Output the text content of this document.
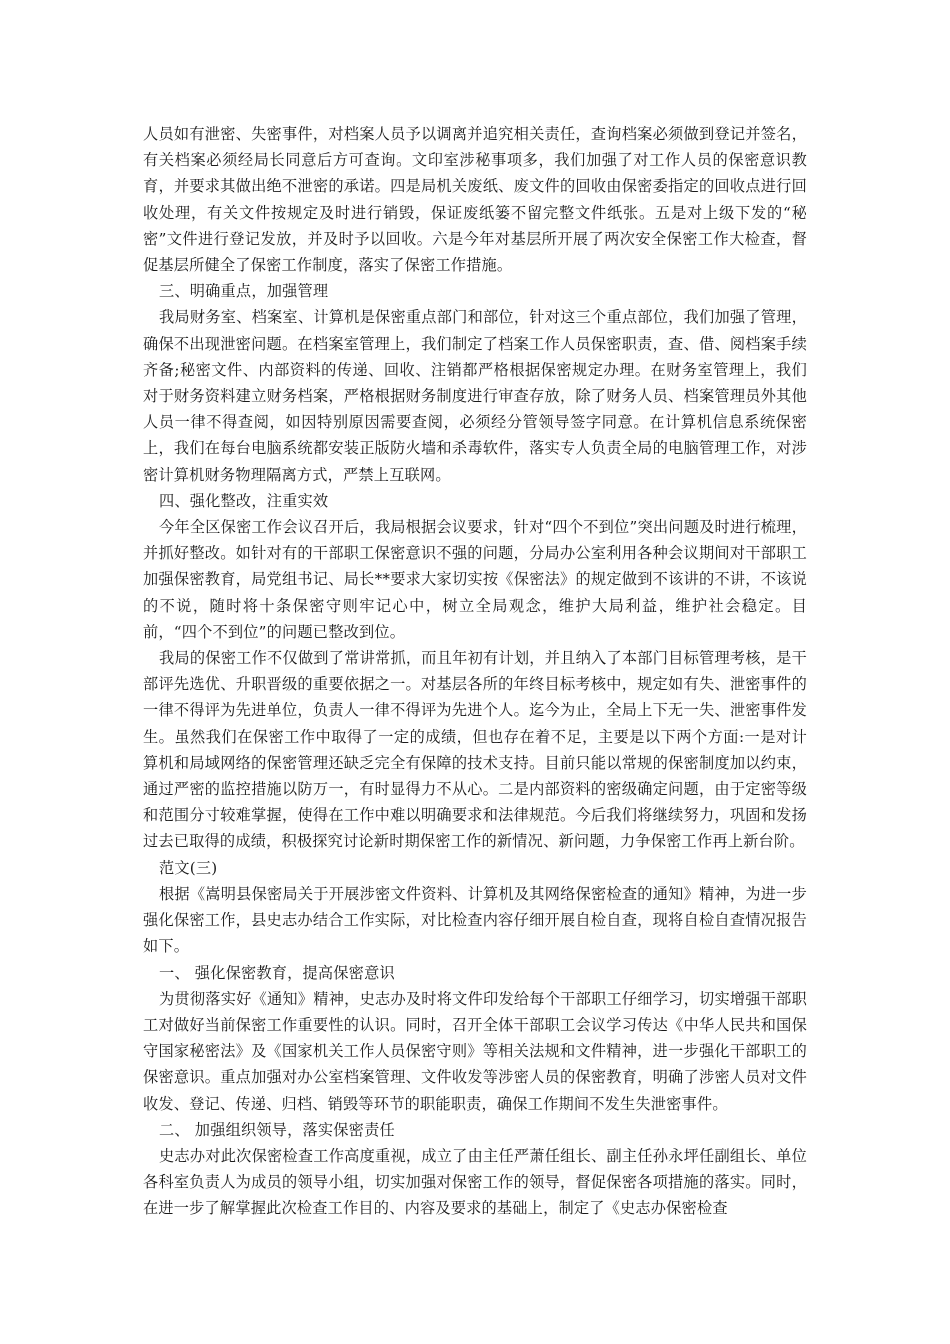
人员如有泄密、失密事件，对档案人员予以调离并追究相关责任，查询档案必须做到登记并签名，有关档案必须经局长同意后方可查询。文印室涉秘事项多，我们加强了对工作人员的保密意识教育，并要求其做出绝不泄密的承诺。四是局机关废纸、废文件的回收由保密委指定的回收点进行回收处理，有关文件按规定及时进行销毁，保证废纸篓不留完整文件纸张。五是对上级下发的“秘密”文件进行登记发放，并及时予以回收。六是今年对基层所开展了两次安全保密工作大检查，督促基层所健全了保密工作制度，落实了保密工作措施。

三、明确重点，加强管理

我局财务室、档案室、计算机是保密重点部门和部位，针对这三个重点部位，我们加强了管理，确保不出现泄密问题。在档案室管理上，我们制定了档案工作人员保密职责，查、借、阅档案手续齐备;秘密文件、内部资料的传递、回收、注销都严格根据保密规定办理。在财务室管理上，我们对于财务资料建立财务档案，严格根据财务制度进行审查存放，除了财务人员、档案管理员外其他人员一律不得查阅，如因特别原因需要查阅，必须经分管领导签字同意。在计算机信息系统保密上，我们在每台电脑系统都安装正版防火墙和杀毒软件，落实专人负责全局的电脑管理工作，对涉密计算机财务物理隔离方式，严禁上互联网。

四、强化整改，注重实效

今年全区保密工作会议召开后，我局根据会议要求，针对“四个不到位”突出问题及时进行梳理，并抓好整改。如针对有的干部职工保密意识不强的问题，分局办公室利用各种会议期间对干部职工加强保密教育，局党组书记、局长**要求大家切实按《保密法》的规定做到不该讲的不讲，不该说的不说，随时将十条保密守则牢记心中，树立全局观念，维护大局利益，维护社会稳定。目前，“四个不到位”的问题已整改到位。

我局的保密工作不仅做到了常讲常抓，而且年初有计划，并且纳入了本部门目标管理考核，是干部评先选优、升职晋级的重要依据之一。对基层各所的年终目标考核中，规定如有失、泄密事件的一律不得评为先进单位，负责人一律不得评为先进个人。迄今为止，全局上下无一失、泄密事件发生。虽然我们在保密工作中取得了一定的成绩，但也存在着不足，主要是以下两个方面:一是对计算机和局域网络的保密管理还缺乏完全有保障的技术支持。目前只能以常规的保密制度加以约束，通过严密的监控措施以防万一，有时显得力不从心。二是内部资料的密级确定问题，由于定密等级和范围分寸较难掌握，使得在工作中难以明确要求和法律规范。今后我们将继续努力，巩固和发扬过去已取得的成绩，积极探究讨论新时期保密工作的新情况、新问题，力争保密工作再上新台阶。

范文(三)

根据《嵩明县保密局关于开展涉密文件资料、计算机及其网络保密检查的通知》精神，为进一步强化保密工作，县史志办结合工作实际，对比检查内容仔细开展自检自查，现将自检自查情况报告如下。

一、 强化保密教育，提高保密意识

为贯彻落实好《通知》精神，史志办及时将文件印发给每个干部职工仔细学习，切实增强干部职工对做好当前保密工作重要性的认识。同时，召开全体干部职工会议学习传达《中华人民共和国保守国家秘密法》及《国家机关工作人员保密守则》等相关法规和文件精神，进一步强化干部职工的保密意识。重点加强对办公室档案管理、文件收发等涉密人员的保密教育，明确了涉密人员对文件收发、登记、传递、归档、销毁等环节的职能职责，确保工作期间不发生失泄密事件。

二、 加强组织领导，落实保密责任

史志办对此次保密检查工作高度重视，成立了由主任严萧任组长、副主任孙永坪任副组长、单位各科室负责人为成员的领导小组，切实加强对保密工作的领导，督促保密各项措施的落实。同时，在进一步了解掌握此次检查工作目的、内容及要求的基础上，制定了《史志办保密检查
